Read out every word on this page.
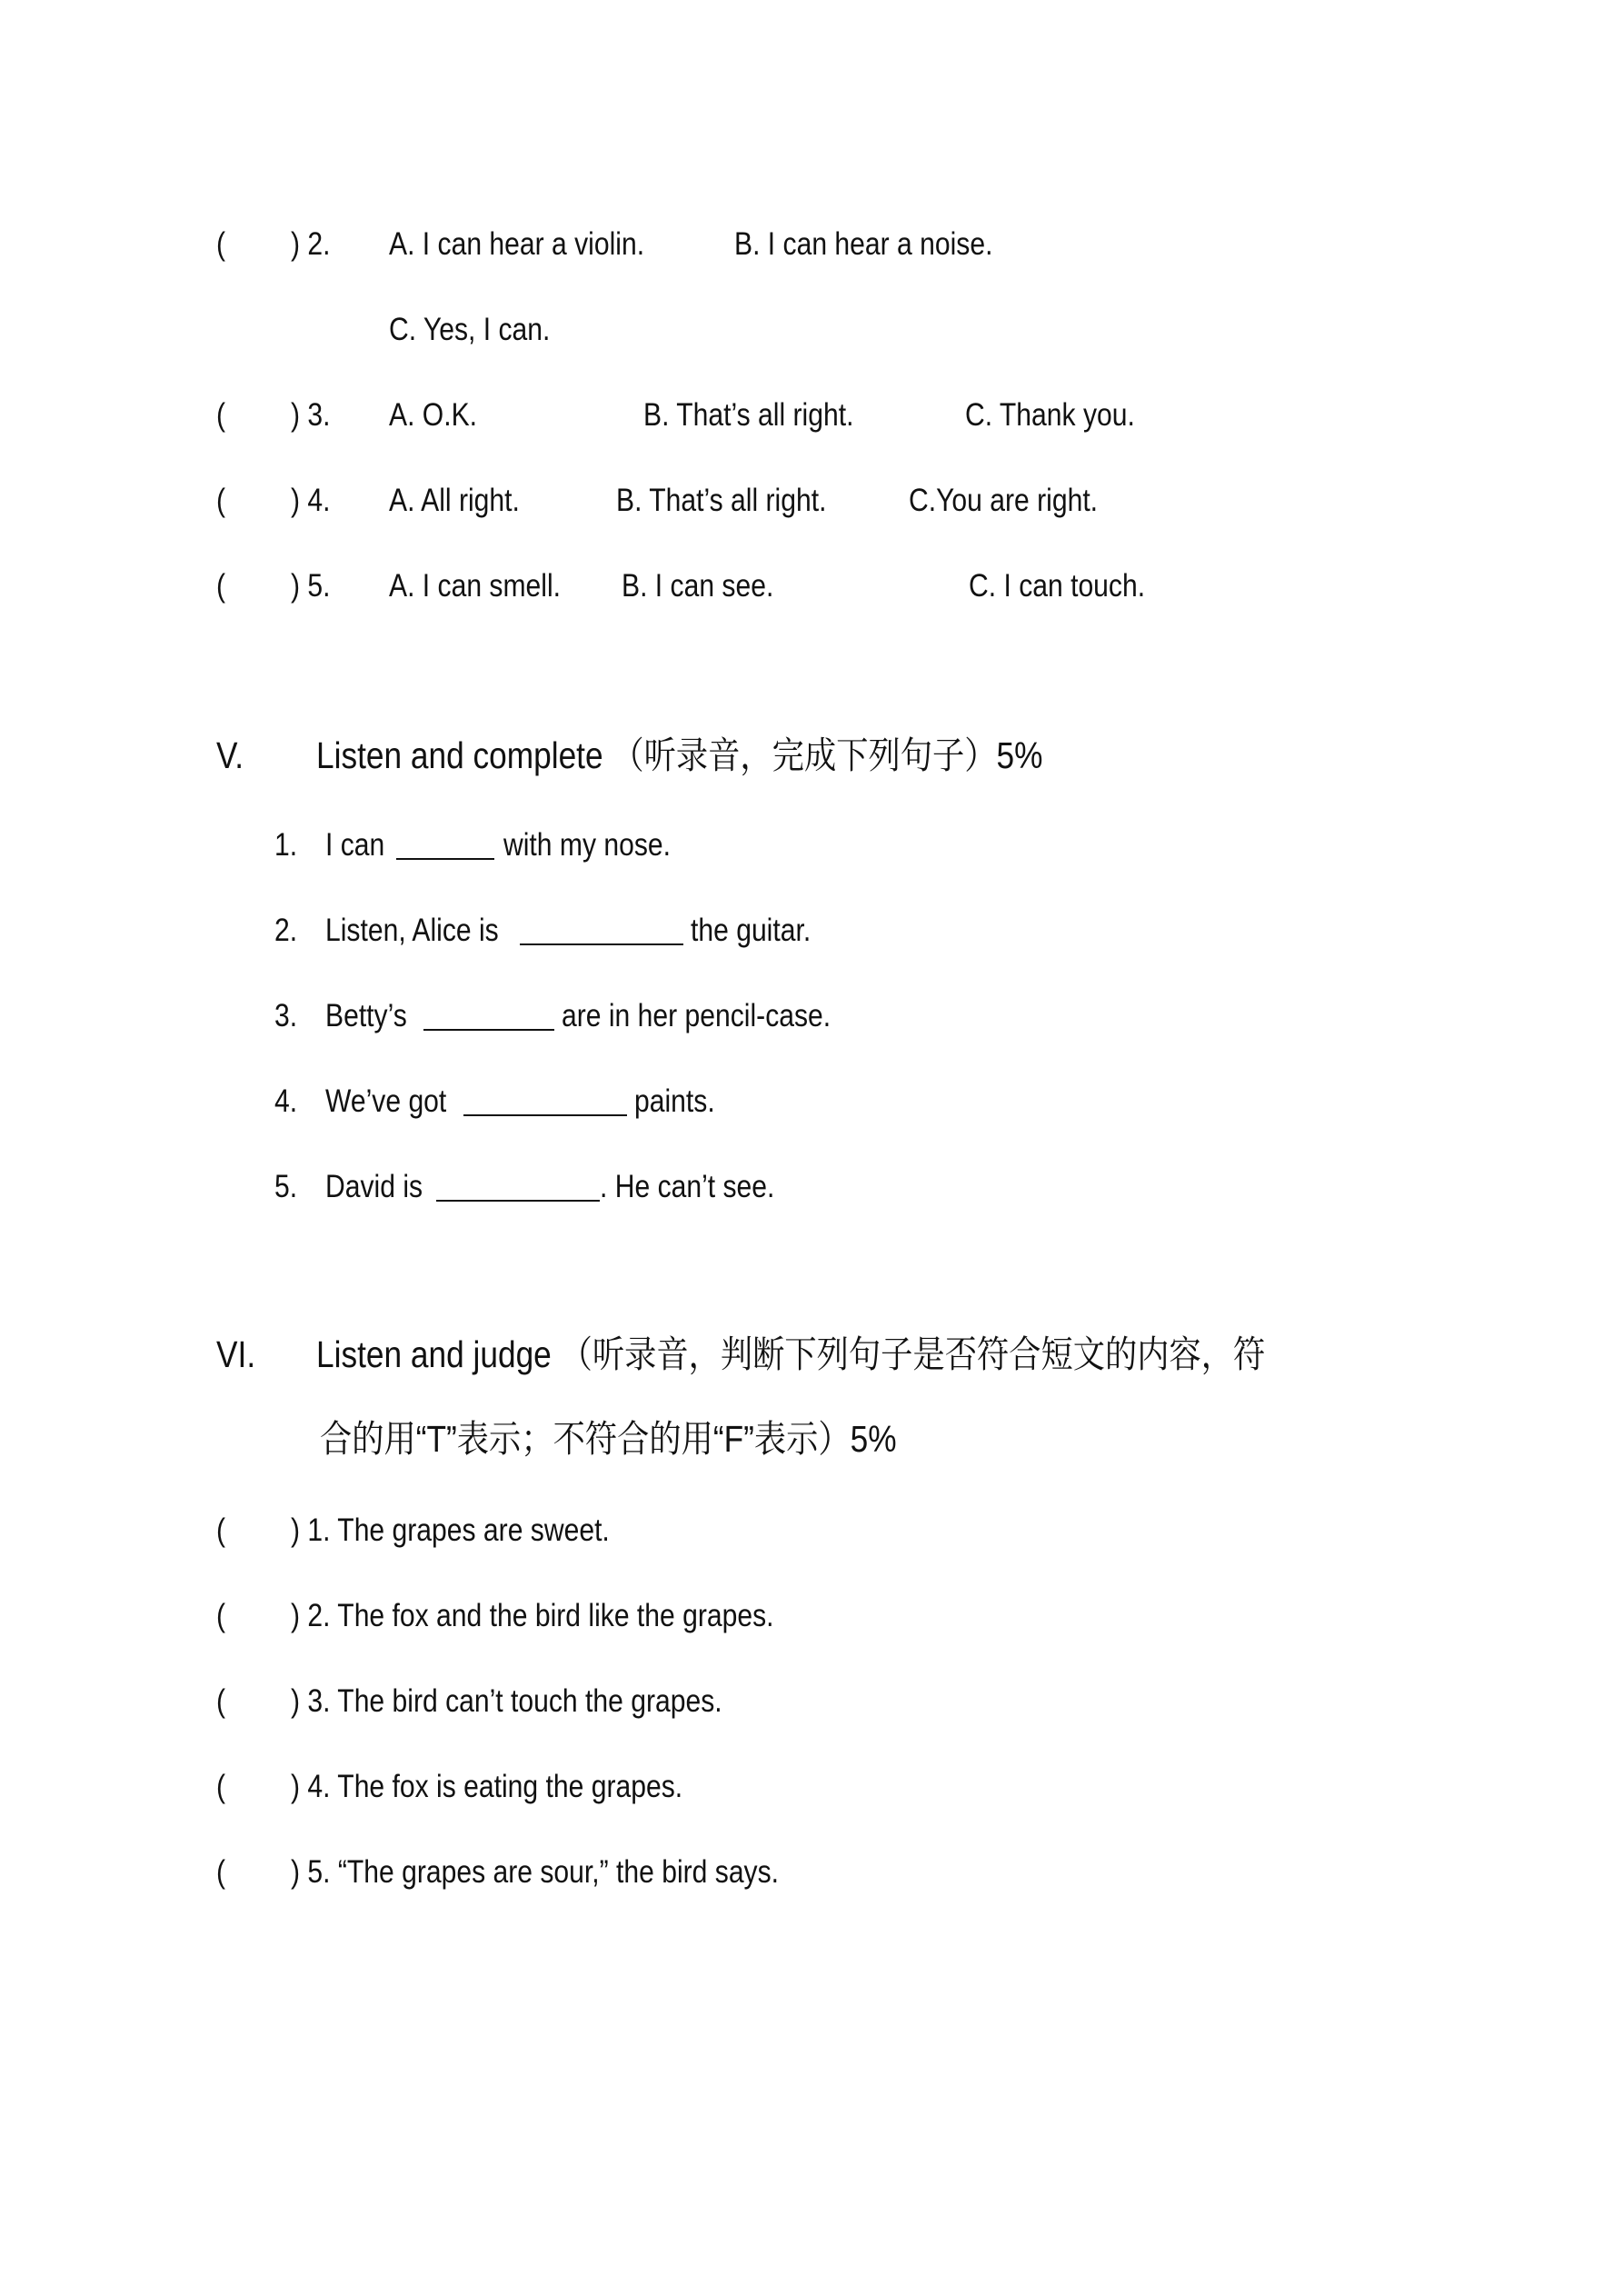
( ) 2. A. I can hear a violin.	B. I can hear a noise.
C. Yes, I can.
( ) 3. A. O.K.	B. That’s all right.	C. Thank you.
( ) 4. A. All right.	B. That’s all right.	C.You are right.
( ) 5. A. I can smell. B. I can see.	C. I can touch.
V. Listen and complete （听录音，完成下列句子）5%
1. I can	with my nose.
2. Listen, Alice is	the guitar.
3. Betty’s	are in her pencil-case.
4. We’ve got	paints.
5. David is	. He can’t see.
VI. Listen and judge （听录音，判断下列句子是否符合短文的内容，符
合的用“T”表示；不符合的用“F”表示）5%
( ) 1. The grapes are sweet.
( ) 2. The fox and the bird like the grapes.
( ) 3. The bird can’t touch the grapes.
( ) 4. The fox is eating the grapes.
( ) 5. “The grapes are sour,” the bird says.
